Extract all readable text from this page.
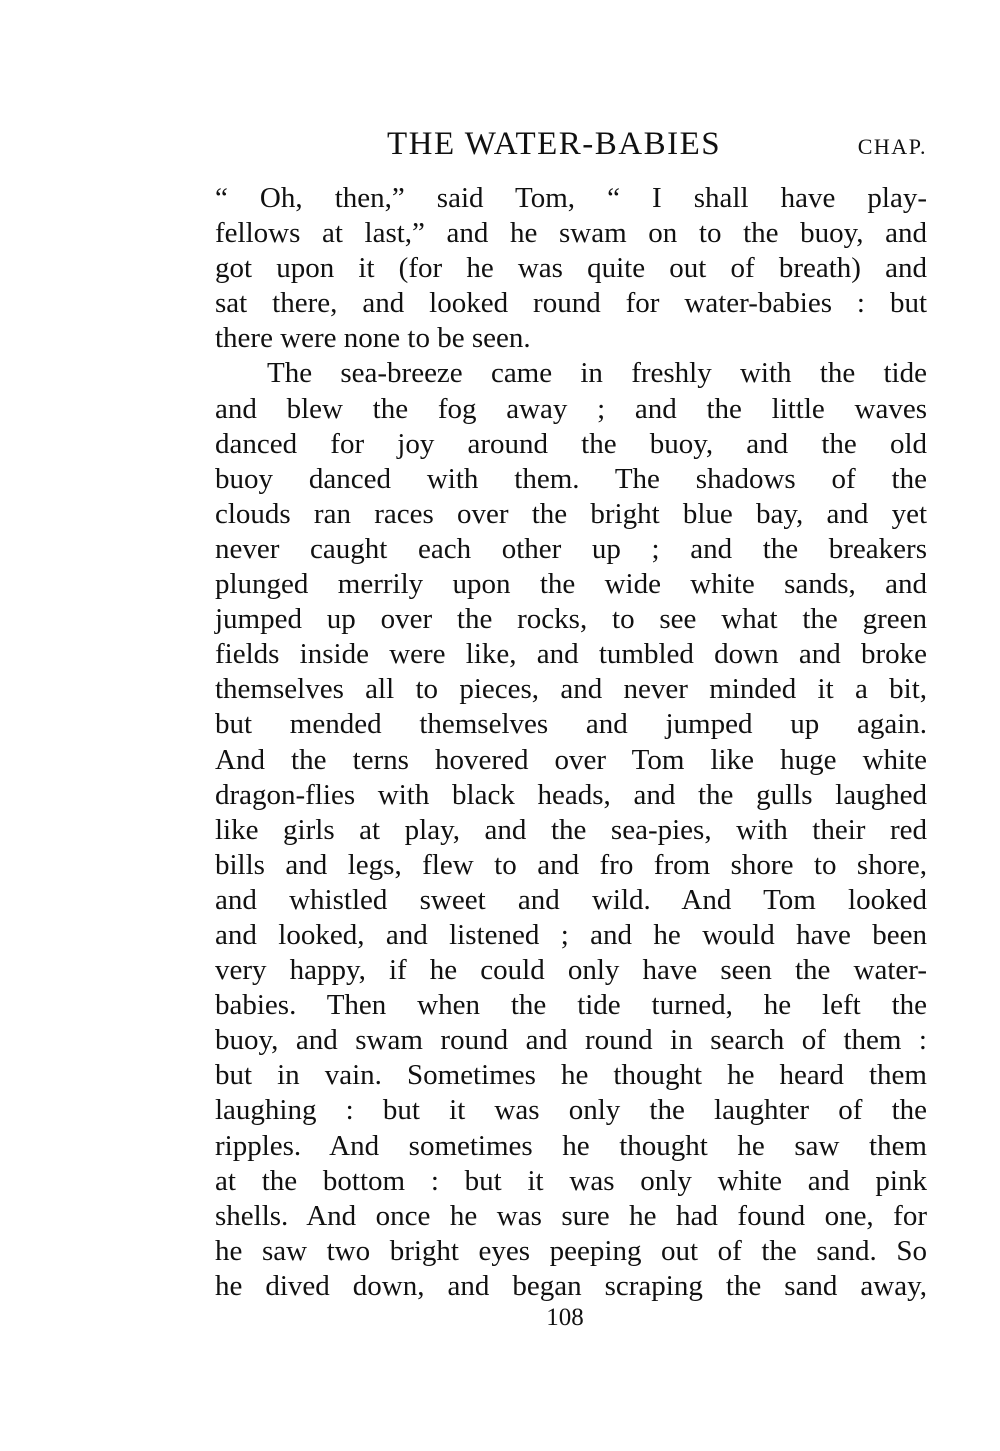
THE WATER-BABIES	CHAP.
“ Oh, then,” said Tom, “ I shall have play-
fellows at last,” and he swam on to the buoy, and
got upon it (for he was quite out of breath) and
sat there, and looked round for water-babies : but
there were none to be seen.
The sea-breeze came in freshly with the tide
and blew the fog away ; and the little waves
danced for joy around the buoy, and the old
buoy danced with them. The shadows of the
clouds ran races over the bright blue bay, and yet
never caught each other up ; and the breakers
plunged merrily upon the wide white sands, and
jumped up over the rocks, to see what the green
fields inside were like, and tumbled down and broke
themselves all to pieces, and never minded it a bit,
but mended themselves and jumped up again.
And the terns hovered over Tom like huge white
dragon-flies with black heads, and the gulls laughed
like girls at play, and the sea-pies, with their red
bills and legs, flew to and fro from shore to shore,
and whistled sweet and wild. And Tom looked
and looked, and listened ; and he would have been
very happy, if he could only have seen the water-
babies. Then when the tide turned, he left the
buoy, and swam round and round in search of them :
but in vain. Sometimes he thought he heard them
laughing : but it was only the laughter of the
ripples. And sometimes he thought he saw them
at the bottom : but it was only white and pink
shells. And once he was sure he had found one, for
he saw two bright eyes peeping out of the sand. So
he dived down, and began scraping the sand away,
108
